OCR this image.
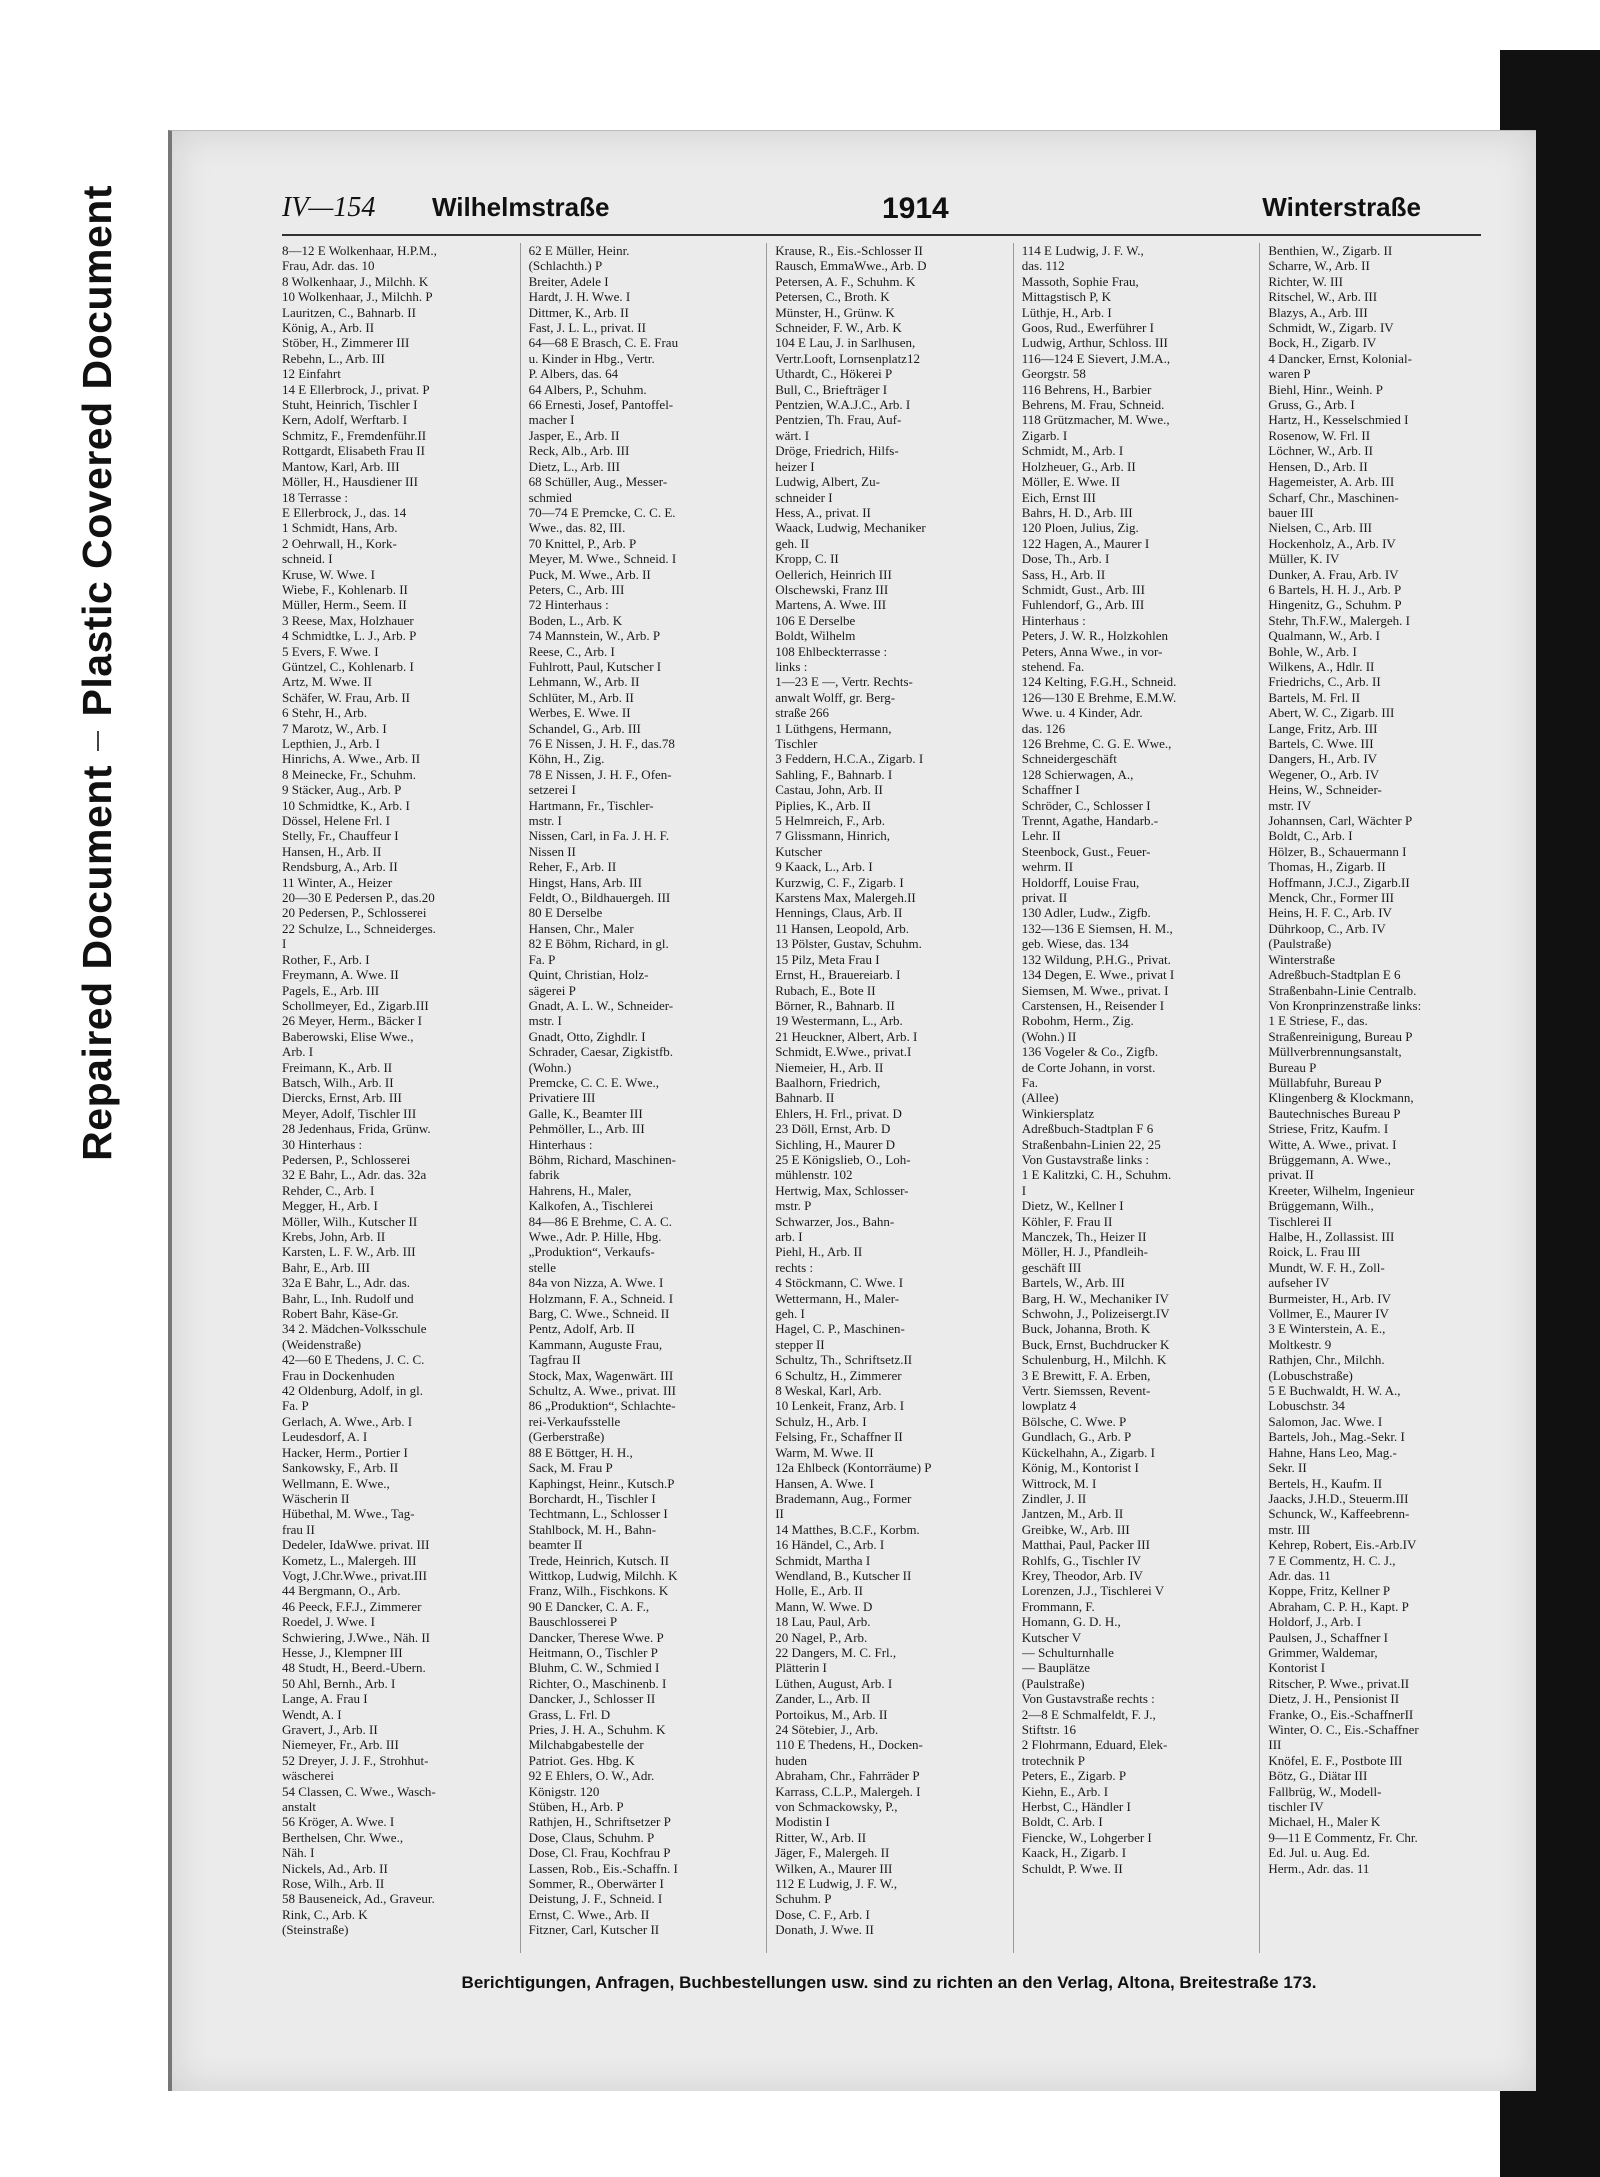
Plastic Covered Document
Repaired Document
IV—154 Wilhelmstraße	1914	Winterstraße
8—12 E Wolkenhaar, H.P.M.,
Frau, Adr. das. 10
8 Wolkenhaar, J., Milchh. K
10 Wolkenhaar, J., Milchh. P
Lauritzen, C., Bahnarb. II
König, A., Arb. II
Stöber, H., Zimmerer III
Rebehn, L., Arb. III
12 Einfahrt
14 E Ellerbrock, J., privat. P
Stuht, Heinrich, Tischler I
Kern, Adolf, Werftarb. I
Schmitz, F., Fremdenführ.II
Rottgardt, Elisabeth Frau II
Mantow, Karl, Arb. III
Möller, H., Hausdiener III
18 Terrasse :
E Ellerbrock, J., das. 14
1 Schmidt, Hans, Arb.
2 Oehrwall, H., Kork-
schneid. I
Kruse, W. Wwe. I
Wiebe, F., Kohlenarb. II
Müller, Herm., Seem. II
3 Reese, Max, Holzhauer
4 Schmidtke, L. J., Arb. P
5 Evers, F. Wwe. I
Güntzel, C., Kohlenarb. I
Artz, M. Wwe. II
Schäfer, W. Frau, Arb. II
6 Stehr, H., Arb.
7 Marotz, W., Arb. I
Lepthien, J., Arb. I
Hinrichs, A. Wwe., Arb. II
8 Meinecke, Fr., Schuhm.
9 Stäcker, Aug., Arb. P
10 Schmidtke, K., Arb. I
Dössel, Helene Frl. I
Stelly, Fr., Chauffeur I
Hansen, H., Arb. II
Rendsburg, A., Arb. II
11 Winter, A., Heizer
20—30 E Pedersen P., das.20
20 Pedersen, P., Schlosserei
22 Schulze, L., Schneiderges.
I
Rother, F., Arb. I
Freymann, A. Wwe. II
Pagels, E., Arb. III
Schollmeyer, Ed., Zigarb.III
26 Meyer, Herm., Bäcker I
Baberowski, Elise Wwe.,
Arb. I
Freimann, K., Arb. II
Batsch, Wilh., Arb. II
Diercks, Ernst, Arb. III
Meyer, Adolf, Tischler III
28 Jedenhaus, Frida, Grünw.
30 Hinterhaus :
Pedersen, P., Schlosserei
32 E Bahr, L., Adr. das. 32a
Rehder, C., Arb. I
Megger, H., Arb. I
Möller, Wilh., Kutscher II
Krebs, John, Arb. II
Karsten, L. F. W., Arb. III
Bahr, E., Arb. III
32a E Bahr, L., Adr. das.
Bahr, L., Inh. Rudolf und
Robert Bahr, Käse-Gr.
34 2. Mädchen-Volksschule
(Weidenstraße)
42—60 E Thedens, J. C. C.
Frau in Dockenhuden
42 Oldenburg, Adolf, in gl.
Fa. P
Gerlach, A. Wwe., Arb. I
Leudesdorf, A. I
Hacker, Herm., Portier I
Sankowsky, F., Arb. II
Wellmann, E. Wwe.,
Wäscherin II
Hübethal, M. Wwe., Tag-
frau II
Dedeler, IdaWwe. privat. III
Kometz, L., Malergeh. III
Vogt, J.Chr.Wwe., privat.III
44 Bergmann, O., Arb.
46 Peeck, F.F.J., Zimmerer
Roedel, J. Wwe. I
Schwiering, J.Wwe., Näh. II
Hesse, J., Klempner III
48 Studt, H., Beerd.-Ubern.
50 Ahl, Bernh., Arb. I
Lange, A. Frau I
Wendt, A. I
Gravert, J., Arb. II
Niemeyer, Fr., Arb. III
52 Dreyer, J. J. F., Strohhut-
wäscherei
54 Classen, C. Wwe., Wasch-
anstalt
56 Kröger, A. Wwe. I
Berthelsen, Chr. Wwe.,
Näh. I
Nickels, Ad., Arb. II
Rose, Wilh., Arb. II
58 Bauseneick, Ad., Graveur.
Rink, C., Arb. K
(Steinstraße)
62 E Müller, Heinr.
(Schlachth.) P
Breiter, Adele I
Hardt, J. H. Wwe. I
Dittmer, K., Arb. II
Fast, J. L. L., privat. II
64—68 E Brasch, C. E. Frau
u. Kinder in Hbg., Vertr.
P. Albers, das. 64
64 Albers, P., Schuhm.
66 Ernesti, Josef, Pantoffel-
macher I
Jasper, E., Arb. II
Reck, Alb., Arb. III
Dietz, L., Arb. III
68 Schüller, Aug., Messer-
schmied
70—74 E Premcke, C. C. E.
Wwe., das. 82, III.
70 Knittel, P., Arb. P
Meyer, M. Wwe., Schneid. I
Puck, M. Wwe., Arb. II
Peters, C., Arb. III
72 Hinterhaus :
Boden, L., Arb. K
74 Mannstein, W., Arb. P
Reese, C., Arb. I
Fuhlrott, Paul, Kutscher I
Lehmann, W., Arb. II
Schlüter, M., Arb. II
Werbes, E. Wwe. II
Schandel, G., Arb. III
76 E Nissen, J. H. F., das.78
Köhn, H., Zig.
78 E Nissen, J. H. F., Ofen-
setzerei I
Hartmann, Fr., Tischler-
mstr. I
Nissen, Carl, in Fa. J. H. F.
Nissen II
Reher, F., Arb. II
Hingst, Hans, Arb. III
Feldt, O., Bildhauergeh. III
80 E Derselbe
Hansen, Chr., Maler
82 E Böhm, Richard, in gl.
Fa. P
Quint, Christian, Holz-
sägerei P
Gnadt, A. L. W., Schneider-
mstr. I
Gnadt, Otto, Zighdlr. I
Schrader, Caesar, Zigkistfb.
(Wohn.)
Premcke, C. C. E. Wwe.,
Privatiere III
Galle, K., Beamter III
Pehmöller, L., Arb. III
Hinterhaus :
Böhm, Richard, Maschinen-
fabrik
Hahrens, H., Maler,
Kalkofen, A., Tischlerei
84—86 E Brehme, C. A. C.
Wwe., Adr. P. Hille, Hbg.
„Produktion“, Verkaufs-
stelle
84a von Nizza, A. Wwe. I
Holzmann, F. A., Schneid. I
Barg, C. Wwe., Schneid. II
Pentz, Adolf, Arb. II
Kammann, Auguste Frau,
Tagfrau II
Stock, Max, Wagenwärt. III
Schultz, A. Wwe., privat. III
86 „Produktion“, Schlachte-
rei-Verkaufsstelle
(Gerberstraße)
88 E Böttger, H. H.,
Sack, M. Frau P
Kaphingst, Heinr., Kutsch.P
Borchardt, H., Tischler I
Techtmann, L., Schlosser I
Stahlbock, M. H., Bahn-
beamter II
Trede, Heinrich, Kutsch. II
Wittkop, Ludwig, Milchh. K
Franz, Wilh., Fischkons. K
90 E Dancker, C. A. F.,
Bauschlosserei P
Dancker, Therese Wwe. P
Heitmann, O., Tischler P
Bluhm, C. W., Schmied I
Richter, O., Maschinenb. I
Dancker, J., Schlosser II
Grass, L. Frl. D
Pries, J. H. A., Schuhm. K
Milchabgabestelle der
Patriot. Ges. Hbg. K
92 E Ehlers, O. W., Adr.
Königstr. 120
Stüben, H., Arb. P
Rathjen, H., Schriftsetzer P
Dose, Claus, Schuhm. P
Dose, Cl. Frau, Kochfrau P
Lassen, Rob., Eis.-Schaffn. I
Sommer, R., Oberwärter I
Deistung, J. F., Schneid. I
Ernst, C. Wwe., Arb. II
Fitzner, Carl, Kutscher II
Krause, R., Eis.-Schlosser II
Rausch, EmmaWwe., Arb. D
Petersen, A. F., Schuhm. K
Petersen, C., Broth. K
Münster, H., Grünw. K
Schneider, F. W., Arb. K
104 E Lau, J. in Sarlhusen,
Vertr.Looft, Lornsenplatz12
Uthardt, C., Hökerei P
Bull, C., Briefträger I
Pentzien, W.A.J.C., Arb. I
Pentzien, Th. Frau, Auf-
wärt. I
Dröge, Friedrich, Hilfs-
heizer I
Ludwig, Albert, Zu-
schneider I
Hess, A., privat. II
Waack, Ludwig, Mechaniker
geh. II
Kropp, C. II
Oellerich, Heinrich III
Olschewski, Franz III
Martens, A. Wwe. III
106 E Derselbe
Boldt, Wilhelm
108 Ehlbeckterrasse :
links :
1—23 E —, Vertr. Rechts-
anwalt Wolff, gr. Berg-
straße 266
1 Lüthgens, Hermann,
Tischler
3 Feddern, H.C.A., Zigarb. I
Sahling, F., Bahnarb. I
Castau, John, Arb. II
Piplies, K., Arb. II
5 Helmreich, F., Arb.
7 Glissmann, Hinrich,
Kutscher
9 Kaack, L., Arb. I
Kurzwig, C. F., Zigarb. I
Karstens Max, Malergeh.II
Hennings, Claus, Arb. II
11 Hansen, Leopold, Arb.
13 Pölster, Gustav, Schuhm.
15 Pilz, Meta Frau I
Ernst, H., Brauereiarb. I
Rubach, E., Bote II
Börner, R., Bahnarb. II
19 Westermann, L., Arb.
21 Heuckner, Albert, Arb. I
Schmidt, E.Wwe., privat.I
Niemeier, H., Arb. II
Baalhorn, Friedrich,
Bahnarb. II
Ehlers, H. Frl., privat. D
23 Döll, Ernst, Arb. D
Sichling, H., Maurer D
25 E Königslieb, O., Loh-
mühlenstr. 102
Hertwig, Max, Schlosser-
mstr. P
Schwarzer, Jos., Bahn-
arb. I
Piehl, H., Arb. II
rechts :
4 Stöckmann, C. Wwe. I
Wettermann, H., Maler-
geh. I
Hagel, C. P., Maschinen-
stepper II
Schultz, Th., Schriftsetz.II
6 Schultz, H., Zimmerer
8 Weskal, Karl, Arb.
10 Lenkeit, Franz, Arb. I
Schulz, H., Arb. I
Felsing, Fr., Schaffner II
Warm, M. Wwe. II
12a Ehlbeck (Kontorräume) P
Hansen, A. Wwe. I
Brademann, Aug., Former
II
14 Matthes, B.C.F., Korbm.
16 Händel, C., Arb. I
Schmidt, Martha I
Wendland, B., Kutscher II
Holle, E., Arb. II
Mann, W. Wwe. D
18 Lau, Paul, Arb.
20 Nagel, P., Arb.
22 Dangers, M. C. Frl.,
Plätterin I
Lüthen, August, Arb. I
Zander, L., Arb. II
Portoikus, M., Arb. II
24 Sötebier, J., Arb.
110 E Thedens, H., Docken-
huden
Abraham, Chr., Fahrräder P
Karrass, C.L.P., Malergeh. I
von Schmackowsky, P.,
Modistin I
Ritter, W., Arb. II
Jäger, F., Malergeh. II
Wilken, A., Maurer III
112 E Ludwig, J. F. W.,
Schuhm. P
Dose, C. F., Arb. I
Donath, J. Wwe. II
114 E Ludwig, J. F. W.,
das. 112
Massoth, Sophie Frau,
Mittagstisch P, K
Lüthje, H., Arb. I
Goos, Rud., Ewerführer I
Ludwig, Arthur, Schloss. III
116—124 E Sievert, J.M.A.,
Georgstr. 58
116 Behrens, H., Barbier
Behrens, M. Frau, Schneid.
118 Grützmacher, M. Wwe.,
Zigarb. I
Schmidt, M., Arb. I
Holzheuer, G., Arb. II
Möller, E. Wwe. II
Eich, Ernst III
Bahrs, H. D., Arb. III
120 Ploen, Julius, Zig.
122 Hagen, A., Maurer I
Dose, Th., Arb. I
Sass, H., Arb. II
Schmidt, Gust., Arb. III
Fuhlendorf, G., Arb. III
Hinterhaus :
Peters, J. W. R., Holzkohlen
Peters, Anna Wwe., in vor-
stehend. Fa.
124 Kelting, F.G.H., Schneid.
126—130 E Brehme, E.M.W.
Wwe. u. 4 Kinder, Adr.
das. 126
126 Brehme, C. G. E. Wwe.,
Schneidergeschäft
128 Schierwagen, A.,
Schaffner I
Schröder, C., Schlosser I
Trennt, Agathe, Handarb.-
Lehr. II
Steenbock, Gust., Feuer-
wehrm. II
Holdorff, Louise Frau,
privat. II
130 Adler, Ludw., Zigfb.
132—136 E Siemsen, H. M.,
geb. Wiese, das. 134
132 Wildung, P.H.G., Privat.
134 Degen, E. Wwe., privat I
Siemsen, M. Wwe., privat. I
Carstensen, H., Reisender I
Robohm, Herm., Zig.
(Wohn.) II
136 Vogeler & Co., Zigfb.
de Corte Johann, in vorst.
Fa.
(Allee)
Winkiersplatz
Adreßbuch-Stadtplan F 6
Straßenbahn-Linien 22, 25
Von Gustavstraße links :
1 E Kalitzki, C. H., Schuhm.
I
Dietz, W., Kellner I
Köhler, F. Frau II
Manczek, Th., Heizer II
Möller, H. J., Pfandleih-
geschäft III
Bartels, W., Arb. III
Barg, H. W., Mechaniker IV
Schwohn, J., Polizeisergt.IV
Buck, Johanna, Broth. K
Buck, Ernst, Buchdrucker K
Schulenburg, H., Milchh. K
3 E Brewitt, F. A. Erben,
Vertr. Siemssen, Revent-
lowplatz 4
Bölsche, C. Wwe. P
Gundlach, G., Arb. P
Kückelhahn, A., Zigarb. I
König, M., Kontorist I
Wittrock, M. I
Zindler, J. II
Jantzen, M., Arb. II
Greibke, W., Arb. III
Matthai, Paul, Packer III
Rohlfs, G., Tischler IV
Krey, Theodor, Arb. IV
Lorenzen, J.J., Tischlerei V
Frommann, F.
Homann, G. D. H.,
Kutscher V
— Schulturnhalle
— Bauplätze
(Paulstraße)
Von Gustavstraße rechts :
2—8 E Schmalfeldt, F. J.,
Stiftstr. 16
2 Flohrmann, Eduard, Elek-
trotechnik P
Peters, E., Zigarb. P
Kiehn, E., Arb. I
Herbst, C., Händler I
Boldt, C. Arb. I
Fiencke, W., Lohgerber I
Kaack, H., Zigarb. I
Schuldt, P. Wwe. II
Benthien, W., Zigarb. II
Scharre, W., Arb. II
Richter, W. III
Ritschel, W., Arb. III
Blazys, A., Arb. III
Schmidt, W., Zigarb. IV
Bock, H., Zigarb. IV
4 Dancker, Ernst, Kolonial-
waren P
Biehl, Hinr., Weinh. P
Gruss, G., Arb. I
Hartz, H., Kesselschmied I
Rosenow, W. Frl. II
Löchner, W., Arb. II
Hensen, D., Arb. II
Hagemeister, A. Arb. III
Scharf, Chr., Maschinen-
bauer III
Nielsen, C., Arb. III
Hockenholz, A., Arb. IV
Müller, K. IV
Dunker, A. Frau, Arb. IV
6 Bartels, H. H. J., Arb. P
Hingenitz, G., Schuhm. P
Stehr, Th.F.W., Malergeh. I
Qualmann, W., Arb. I
Bohle, W., Arb. I
Wilkens, A., Hdlr. II
Friedrichs, C., Arb. II
Bartels, M. Frl. II
Abert, W. C., Zigarb. III
Lange, Fritz, Arb. III
Bartels, C. Wwe. III
Dangers, H., Arb. IV
Wegener, O., Arb. IV
Heins, W., Schneider-
mstr. IV
Johannsen, Carl, Wächter P
Boldt, C., Arb. I
Hölzer, B., Schauermann I
Thomas, H., Zigarb. II
Hoffmann, J.C.J., Zigarb.II
Menck, Chr., Former III
Heins, H. F. C., Arb. IV
Dührkoop, C., Arb. IV
(Paulstraße)
Winterstraße
Adreßbuch-Stadtplan E 6
Straßenbahn-Linie Centralb.
Von Kronprinzenstraße links:
1 E Striese, F., das.
Straßenreinigung, Bureau P
Müllverbrennungsanstalt,
Bureau P
Müllabfuhr, Bureau P
Klingenberg & Klockmann,
Bautechnisches Bureau P
Striese, Fritz, Kaufm. I
Witte, A. Wwe., privat. I
Brüggemann, A. Wwe.,
privat. II
Kreeter, Wilhelm, Ingenieur
Brüggemann, Wilh.,
Tischlerei II
Halbe, H., Zollassist. III
Roick, L. Frau III
Mundt, W. F. H., Zoll-
aufseher IV
Burmeister, H., Arb. IV
Vollmer, E., Maurer IV
3 E Winterstein, A. E.,
Moltkestr. 9
Rathjen, Chr., Milchh.
(Lobuschstraße)
5 E Buchwaldt, H. W. A.,
Lobuschstr. 34
Salomon, Jac. Wwe. I
Bartels, Joh., Mag.-Sekr. I
Hahne, Hans Leo, Mag.-
Sekr. II
Bertels, H., Kaufm. II
Jaacks, J.H.D., Steuerm.III
Schunck, W., Kaffeebrenn-
mstr. III
Kehrep, Robert, Eis.-Arb.IV
7 E Commentz, H. C. J.,
Adr. das. 11
Koppe, Fritz, Kellner P
Abraham, C. P. H., Kapt. P
Holdorf, J., Arb. I
Paulsen, J., Schaffner I
Grimmer, Waldemar,
Kontorist I
Ritscher, P. Wwe., privat.II
Dietz, J. H., Pensionist II
Franke, O., Eis.-SchaffnerII
Winter, O. C., Eis.-Schaffner
III
Knöfel, E. F., Postbote III
Bötz, G., Diätar III
Fallbrüg, W., Modell-
tischler IV
Michael, H., Maler K
9—11 E Commentz, Fr. Chr.
Ed. Jul. u. Aug. Ed.
Herm., Adr. das. 11
Berichtigungen, Anfragen, Buchbestellungen usw. sind zu richten an den Verlag, Altona, Breitestraße 173.
